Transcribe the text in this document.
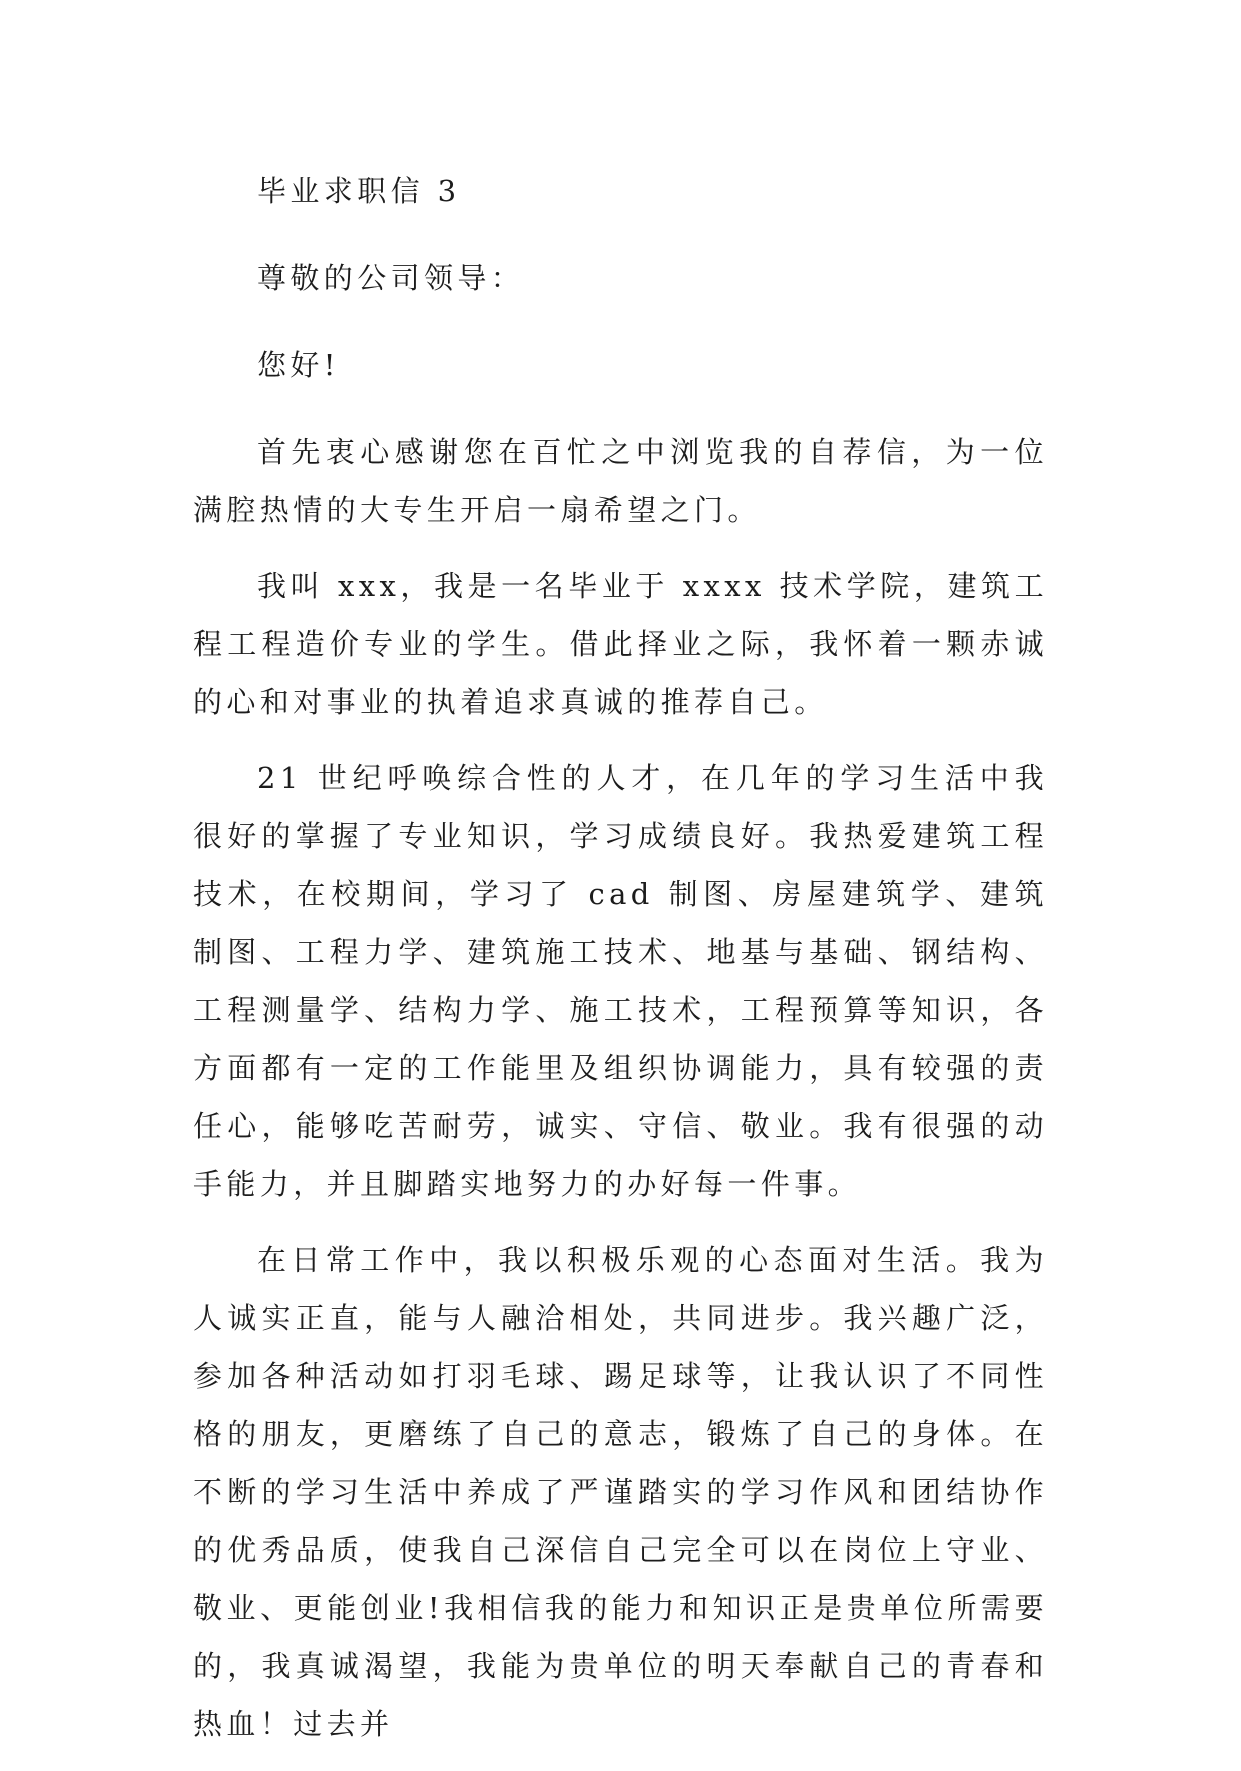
毕业求职信 3

尊敬的公司领导：

您好!

首先衷心感谢您在百忙之中浏览我的自荐信，为一位满腔热情的大专生开启一扇希望之门。

我叫 xxx，我是一名毕业于 xxxx 技术学院，建筑工程工程造价专业的学生。借此择业之际，我怀着一颗赤诚的心和对事业的执着追求真诚的推荐自己。

21 世纪呼唤综合性的人才，在几年的学习生活中我很好的掌握了专业知识，学习成绩良好。我热爱建筑工程技术，在校期间，学习了 cad 制图、房屋建筑学、建筑制图、工程力学、建筑施工技术、地基与基础、钢结构、工程测量学、结构力学、施工技术，工程预算等知识，各方面都有一定的工作能里及组织协调能力，具有较强的责任心，能够吃苦耐劳，诚实、守信、敬业。我有很强的动手能力，并且脚踏实地努力的办好每一件事。

在日常工作中，我以积极乐观的心态面对生活。我为人诚实正直，能与人融洽相处，共同进步。我兴趣广泛，参加各种活动如打羽毛球、踢足球等，让我认识了不同性格的朋友，更磨练了自己的意志，锻炼了自己的身体。在不断的学习生活中养成了严谨踏实的学习作风和团结协作的优秀品质，使我自己深信自己完全可以在岗位上守业、敬业、更能创业!我相信我的能力和知识正是贵单位所需要的，我真诚渴望，我能为贵单位的明天奉献自己的青春和热血！过去并
